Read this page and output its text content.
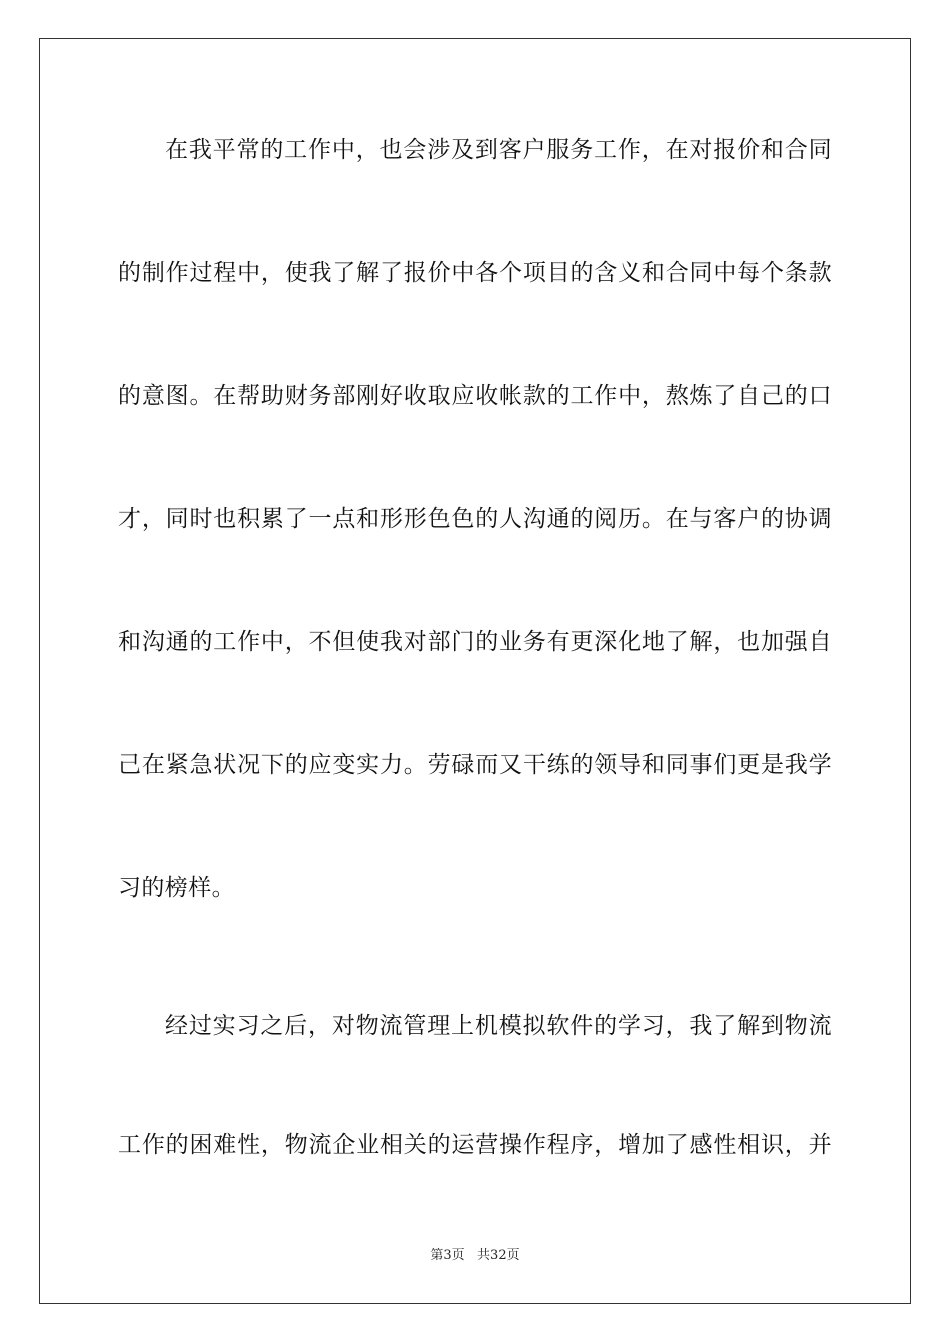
在我平常的工作中，也会涉及到客户服务工作，在对报价和合同
的制作过程中，使我了解了报价中各个项目的含义和合同中每个条款
的意图。在帮助财务部刚好收取应收帐款的工作中，熬炼了自己的口
才，同时也积累了一点和形形色色的人沟通的阅历。在与客户的协调
和沟通的工作中，不但使我对部门的业务有更深化地了解，也加强自
己在紧急状况下的应变实力。劳碌而又干练的领导和同事们更是我学
习的榜样。
经过实习之后，对物流管理上机模拟软件的学习，我了解到物流
工作的困难性，物流企业相关的运营操作程序，增加了感性相识，并
第3页   共32页
